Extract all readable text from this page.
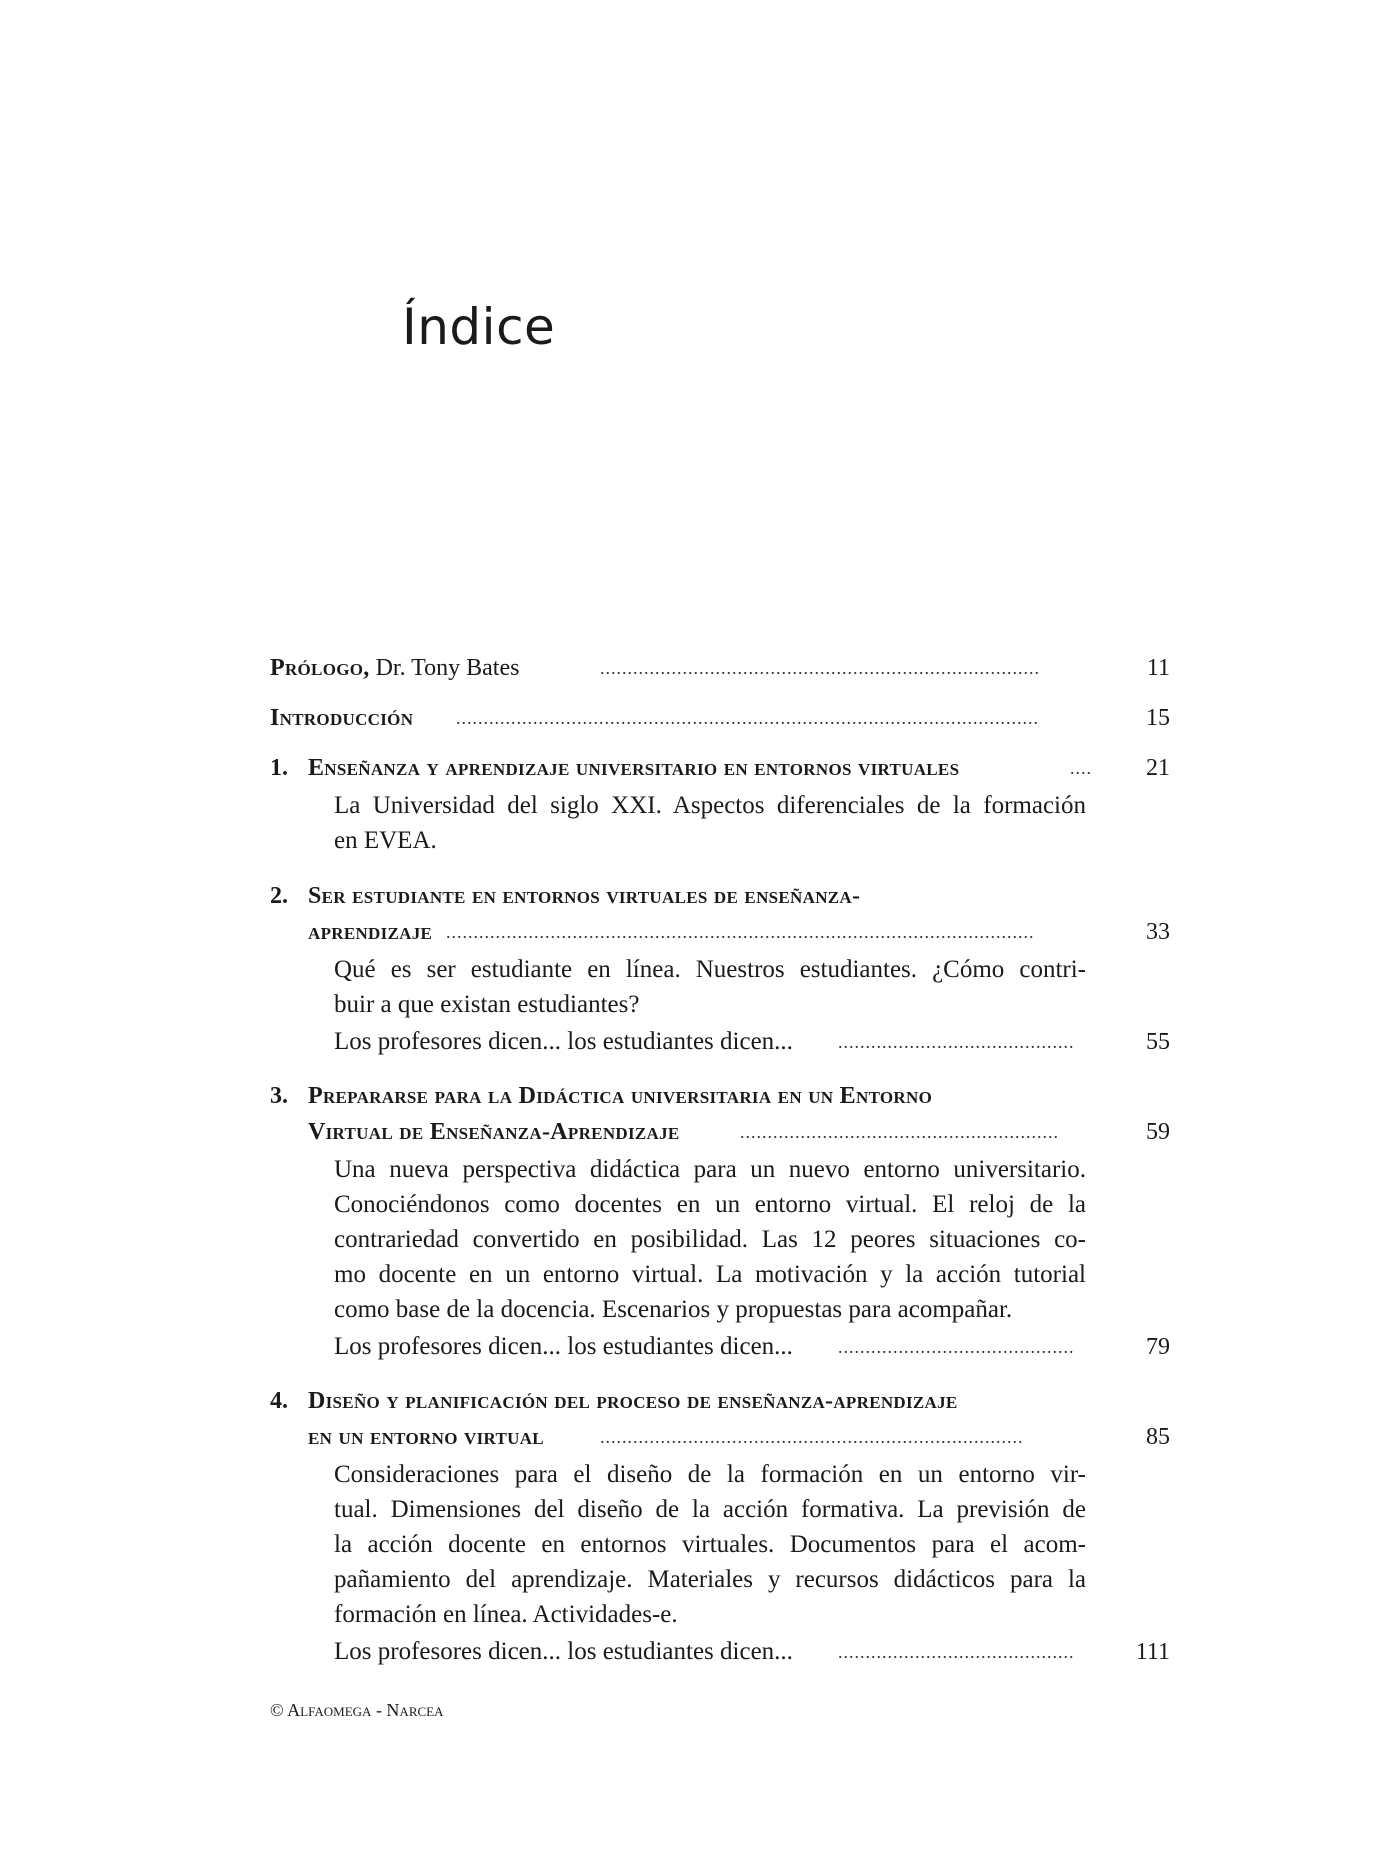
Índice
Prólogo, Dr. Tony Bates	................................................................................	11
Introducción ..........................................................................................................	15
1. Enseñanza y aprendizaje universitario en entornos virtuales	.... 21
La Universidad del siglo XXI. Aspectos diferenciales de la formación
en EVEA.
2. Ser estudiante en entornos virtuales de enseñanza-
aprendizaje ...........................................................................................................	33
Qué es ser estudiante en línea. Nuestros estudiantes. ¿Cómo contri-
buir a que existan estudiantes?
Los profesores dicen... los estudiantes dicen...	...........................................	55
3. Prepararse para la Didáctica universitaria en un Entorno
Virtual de Enseñanza-Aprendizaje	..........................................................	59
Una nueva perspectiva didáctica para un nuevo entorno universitario.
Conociéndonos como docentes en un entorno virtual. El reloj de la
contrariedad convertido en posibilidad. Las 12 peores situaciones co-
mo docente en un entorno virtual. La motivación y la acción tutorial
como base de la docencia. Escenarios y propuestas para acompañar.
Los profesores dicen... los estudiantes dicen...	...........................................	79
4. Diseño y planificación del proceso de enseñanza-aprendizaje
en un entorno virtual	.............................................................................	85
Consideraciones para el diseño de la formación en un entorno vir-
tual. Dimensiones del diseño de la acción formativa. La previsión de
la acción docente en entornos virtuales. Documentos para el acom-
pañamiento del aprendizaje. Materiales y recursos didácticos para la
formación en línea. Actividades-e.
Los profesores dicen... los estudiantes dicen...	...........................................	111
© Alfaomega - Narcea
